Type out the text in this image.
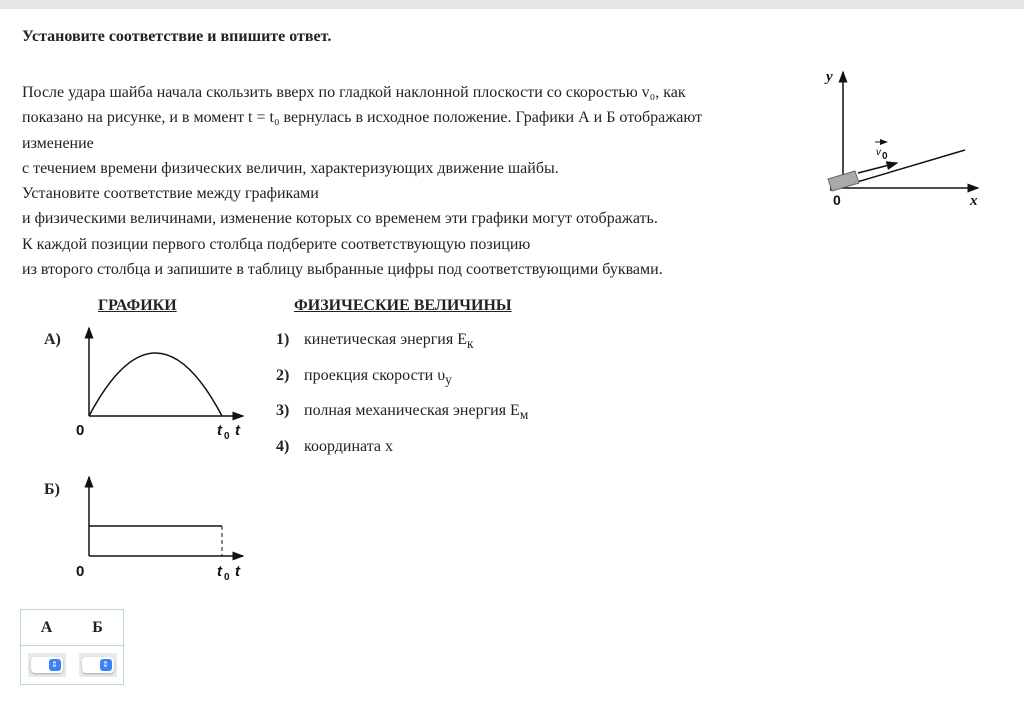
Установите соответствие и впишите ответ.
После удара шайба начала скользить вверх по гладкой наклонной плоскости со скоростью v₀, как
показано на рисунке, и в момент t = t₀ вернулась в исходное положение. Графики А и Б отображают
изменение
с течением времени физических величин, характеризующих движение шайбы.
Установите соответствие между графиками
и физическими величинами, изменение которых со временем эти графики могут отображать.
К каждой позиции первого столбца подберите соответствующую позицию
из второго столбца и запишите в таблицу выбранные цифры под соответствующими буквами.
y
x
0
v 0
0	t 0 t
0	t 0 t
ГРАФИКИ	ФИЗИЧЕСКИЕ ВЕЛИЧИНЫ
А)
Б)
1) кинетическая энергия $E_к$
2) проекция скорости $\upsilon_y$
3) полная механическая энергия $E_м$
4) координата x
А	Б
⇕	⇕
